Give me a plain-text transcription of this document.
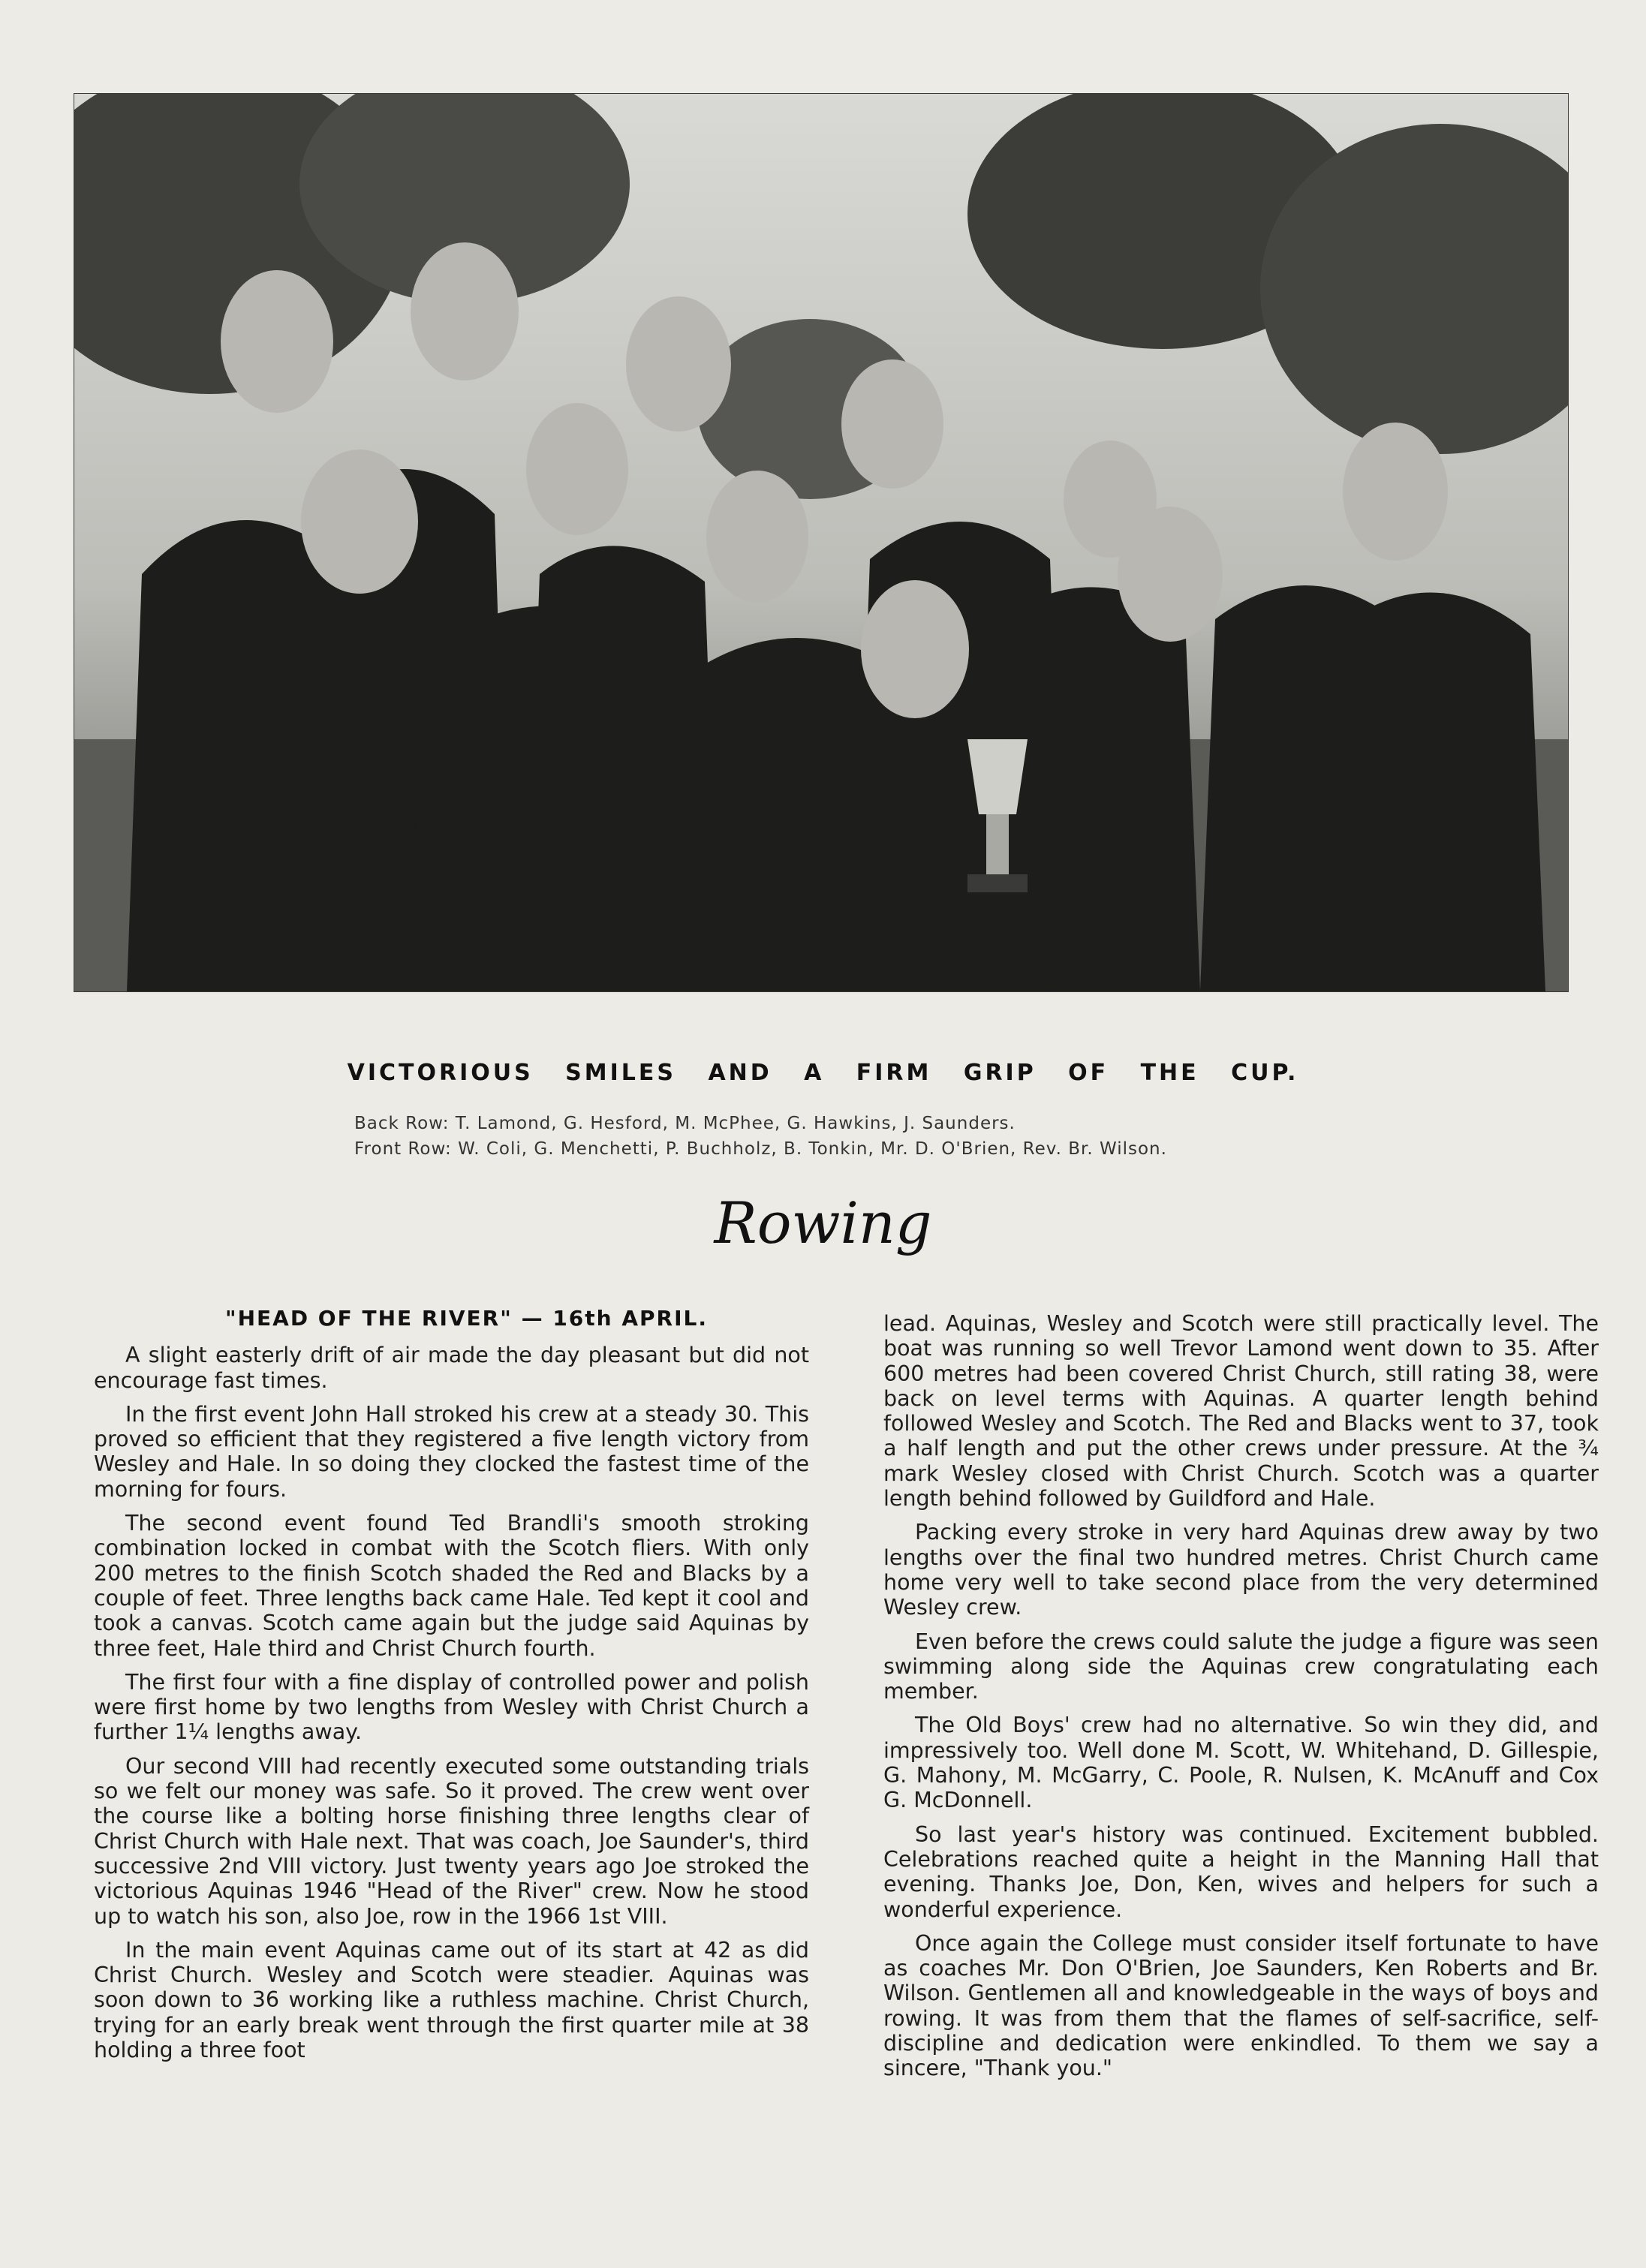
VICTORIOUS SMILES AND A FIRM GRIP OF THE CUP.
Back Row: T. Lamond, G. Hesford, M. McPhee, G. Hawkins, J. Saunders.
Front Row: W. Coli, G. Menchetti, P. Buchholz, B. Tonkin, Mr. D. O'Brien, Rev. Br. Wilson.
Rowing
"HEAD OF THE RIVER" — 16th APRIL.

A slight easterly drift of air made the day pleasant but did not encourage fast times.

In the first event John Hall stroked his crew at a steady 30. This proved so efficient that they registered a five length victory from Wesley and Hale. In so doing they clocked the fastest time of the morning for fours.

The second event found Ted Brandli's smooth stroking combination locked in combat with the Scotch fliers. With only 200 metres to the finish Scotch shaded the Red and Blacks by a couple of feet. Three lengths back came Hale. Ted kept it cool and took a canvas. Scotch came again but the judge said Aquinas by three feet, Hale third and Christ Church fourth.

The first four with a fine display of controlled power and polish were first home by two lengths from Wesley with Christ Church a further 1¼ lengths away.

Our second VIII had recently executed some outstanding trials so we felt our money was safe. So it proved. The crew went over the course like a bolting horse finishing three lengths clear of Christ Church with Hale next. That was coach, Joe Saunder's, third successive 2nd VIII victory. Just twenty years ago Joe stroked the victorious Aquinas 1946 "Head of the River" crew. Now he stood up to watch his son, also Joe, row in the 1966 1st VIII.

In the main event Aquinas came out of its start at 42 as did Christ Church. Wesley and Scotch were steadier. Aquinas was soon down to 36 working like a ruthless machine. Christ Church, trying for an early break went through the first quarter mile at 38 holding a three foot

lead. Aquinas, Wesley and Scotch were still practically level. The boat was running so well Trevor Lamond went down to 35. After 600 metres had been covered Christ Church, still rating 38, were back on level terms with Aquinas. A quarter length behind followed Wesley and Scotch. The Red and Blacks went to 37, took a half length and put the other crews under pressure. At the ¾ mark Wesley closed with Christ Church. Scotch was a quarter length behind followed by Guildford and Hale.

Packing every stroke in very hard Aquinas drew away by two lengths over the final two hundred metres. Christ Church came home very well to take second place from the very determined Wesley crew.

Even before the crews could salute the judge a figure was seen swimming along side the Aquinas crew congratulating each member.

The Old Boys' crew had no alternative. So win they did, and impressively too. Well done M. Scott, W. Whitehand, D. Gillespie, G. Mahony, M. McGarry, C. Poole, R. Nulsen, K. McAnuff and Cox G. McDonnell.

So last year's history was continued. Excitement bubbled. Celebrations reached quite a height in the Manning Hall that evening. Thanks Joe, Don, Ken, wives and helpers for such a wonderful experience.

Once again the College must consider itself fortunate to have as coaches Mr. Don O'Brien, Joe Saunders, Ken Roberts and Br. Wilson. Gentlemen all and knowledgeable in the ways of boys and rowing. It was from them that the flames of self-sacrifice, self-discipline and dedication were enkindled. To them we say a sincere, "Thank you."
